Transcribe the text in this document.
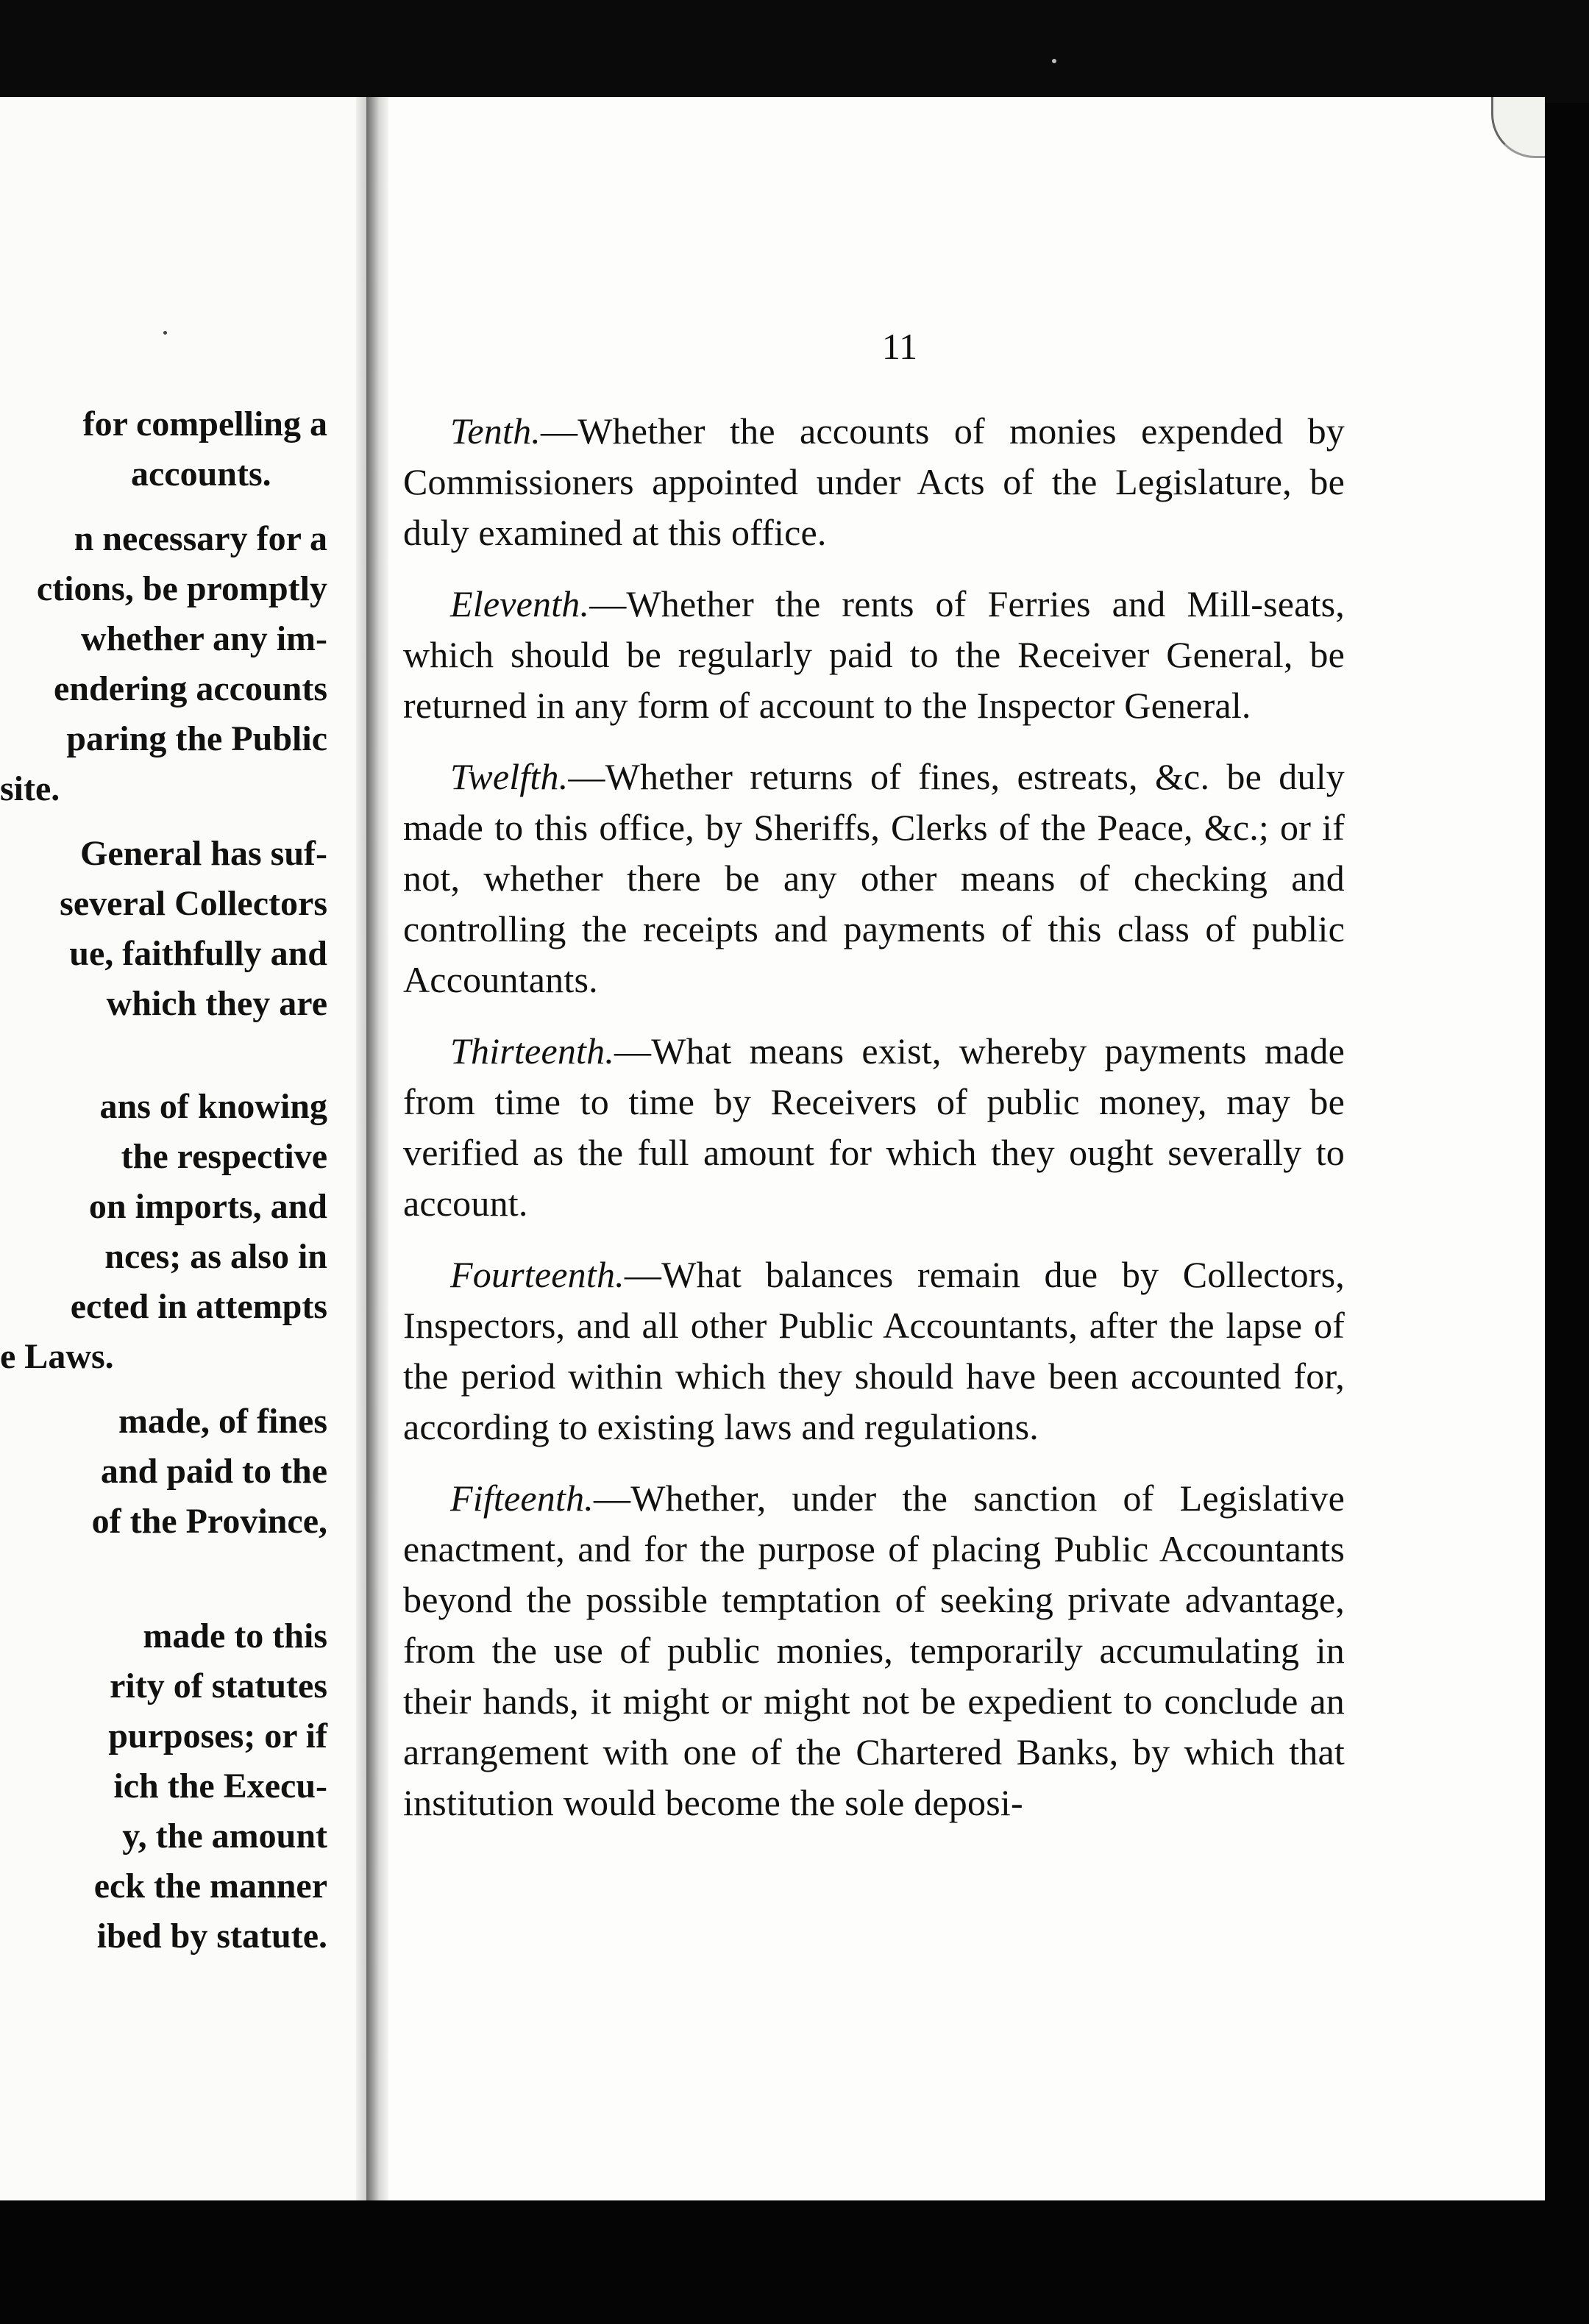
for compelling a
accounts.
n necessary for a
ctions, be promptly
whether any im-
endering accounts
paring the Public
site.
General has suf-
several Collectors
ue, faithfully and
which they are
ans of knowing
the respective
on imports, and
nces; as also in
ected in attempts
e Laws.
made, of fines
and paid to the
of the Province,
made to this
rity of statutes
purposes; or if
ich the Execu-
y, the amount
eck the manner
ibed by statute.
11

Tenth.—Whether the accounts of monies expended by Commissioners appointed under Acts of the Legislature, be duly examined at this office.

Eleventh.—Whether the rents of Ferries and Mill-seats, which should be regularly paid to the Receiver General, be returned in any form of account to the Inspector General.

Twelfth.—Whether returns of fines, estreats, &c. be duly made to this office, by Sheriffs, Clerks of the Peace, &c.; or if not, whether there be any other means of checking and controlling the receipts and payments of this class of public Accountants.

Thirteenth.—What means exist, whereby payments made from time to time by Receivers of public money, may be verified as the full amount for which they ought severally to account.

Fourteenth.—What balances remain due by Collectors, Inspectors, and all other Public Accountants, after the lapse of the period within which they should have been accounted for, according to existing laws and regulations.

Fifteenth.—Whether, under the sanction of Legislative enactment, and for the purpose of placing Public Accountants beyond the possible temptation of seeking private advantage, from the use of public monies, temporarily accumulating in their hands, it might or might not be expedient to conclude an arrangement with one of the Chartered Banks, by which that institution would become the sole deposi-
